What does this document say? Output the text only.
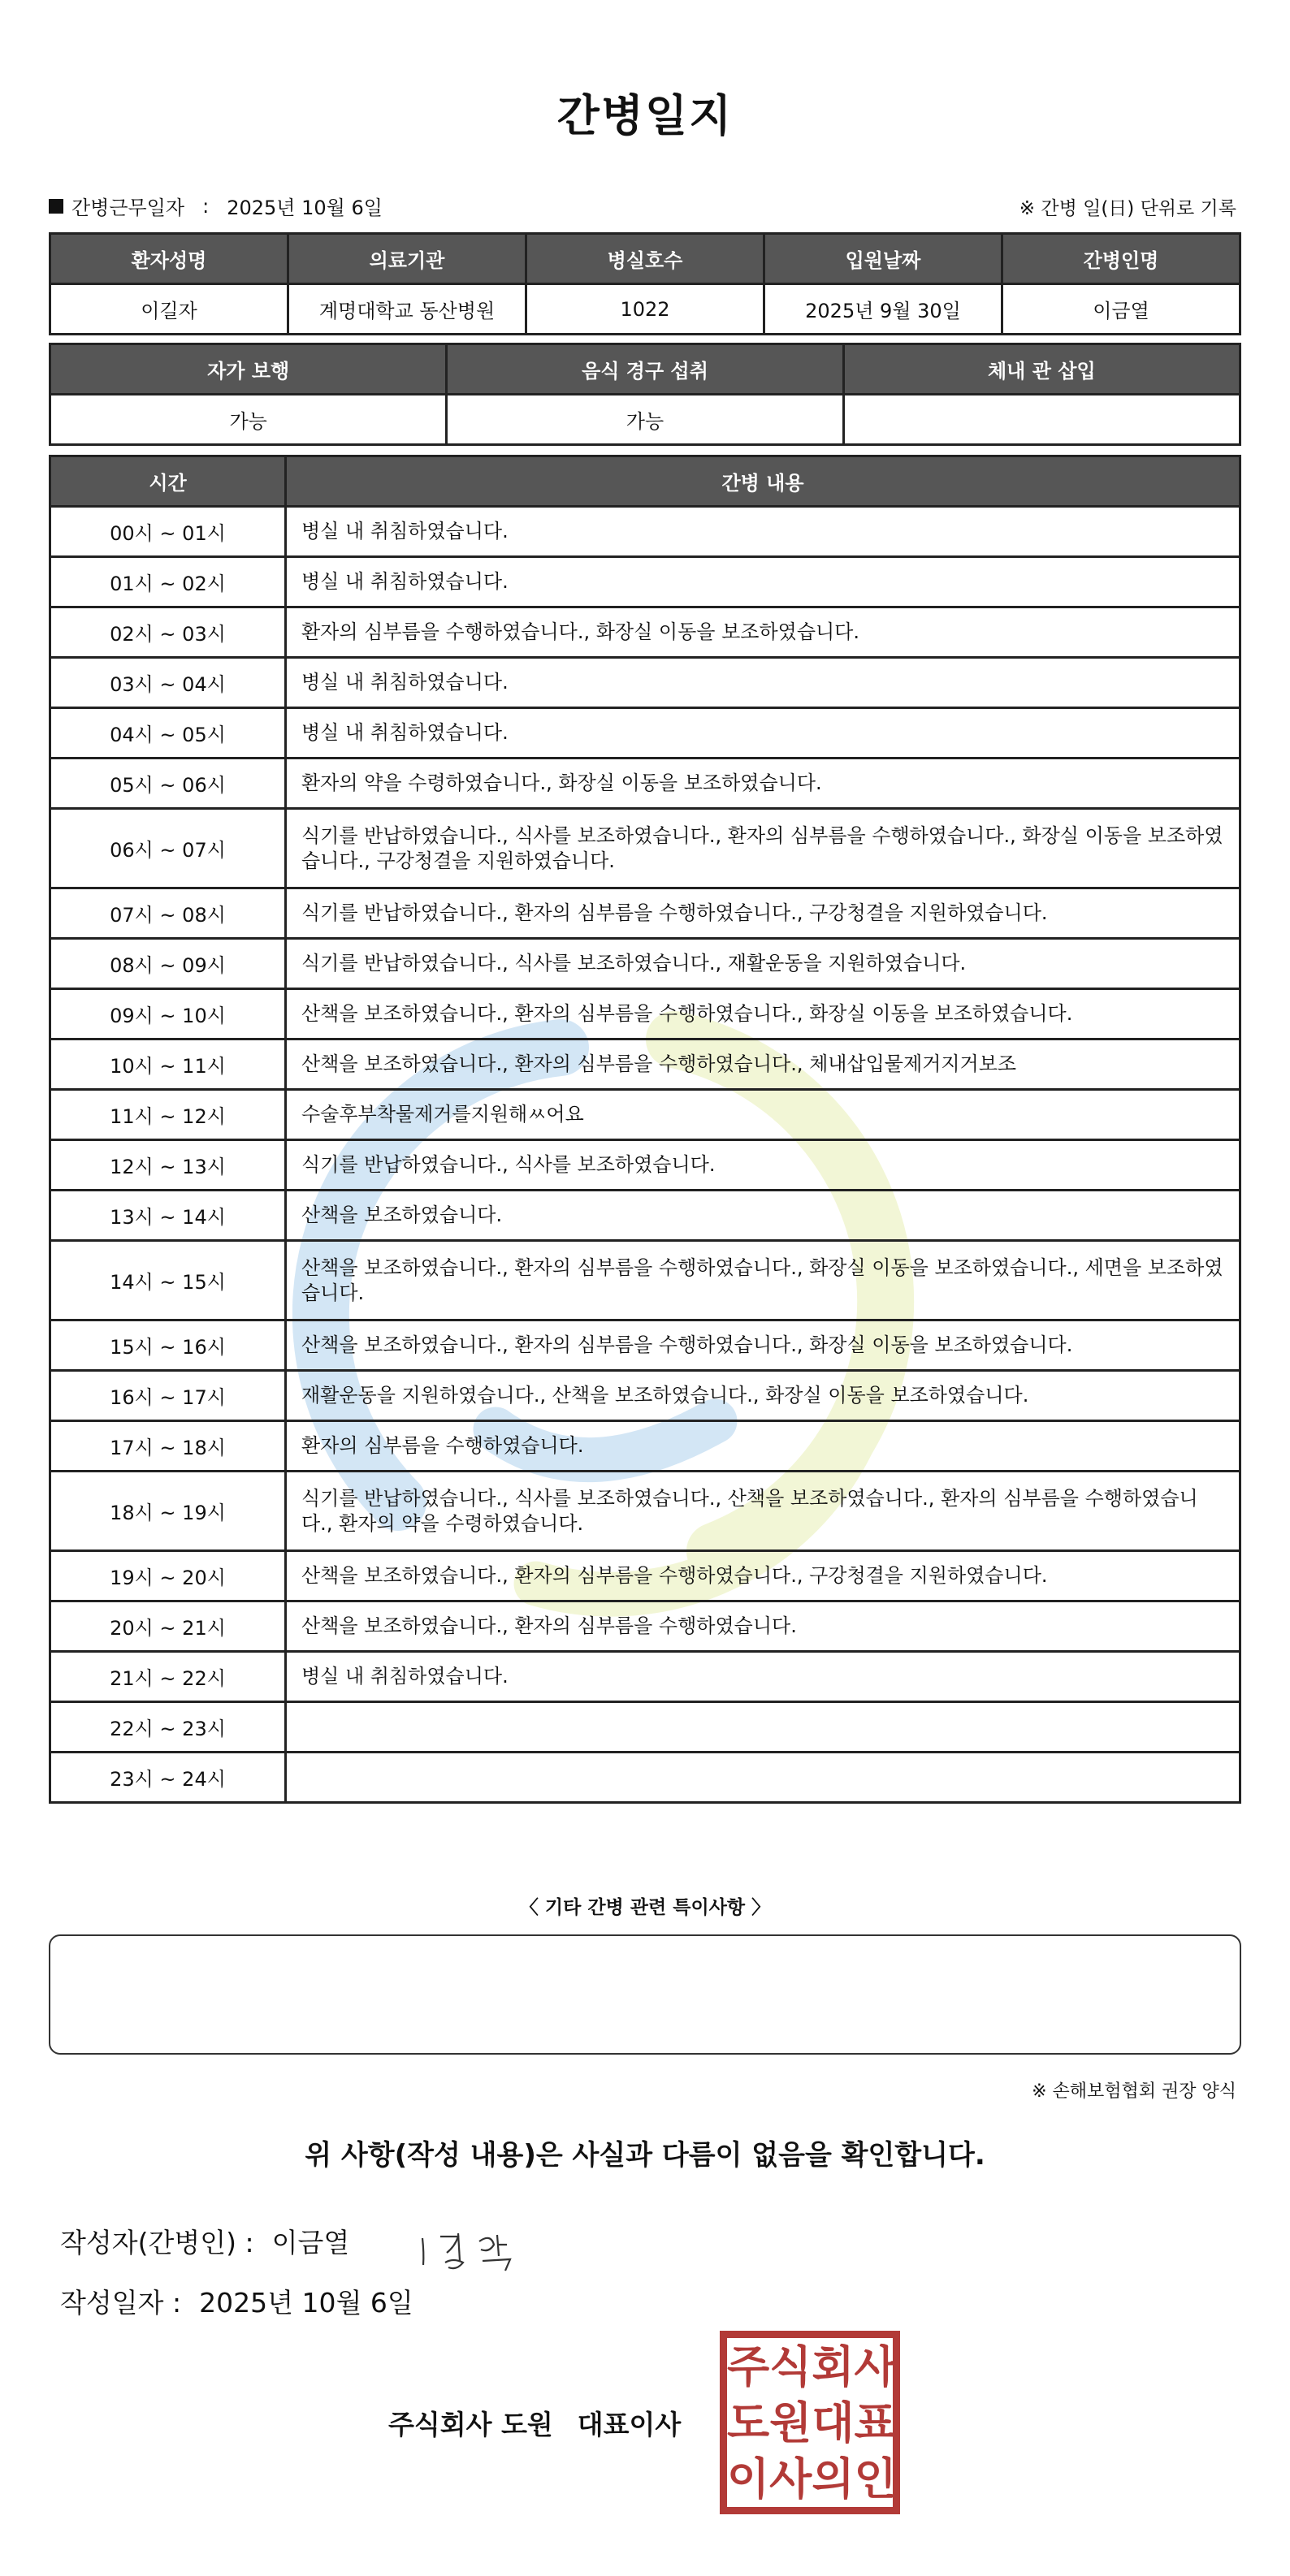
간병일지
간병근무일자 : 2025년 10월 6일	※ 간병 일(日) 단위로 기록
환자성명	의료기관	병실호수	입원날짜	간병인명
이길자	계명대학교 동산병원	1022	2025년 9월 30일	이금열
자가 보행	음식 경구 섭취	체내 관 삽입
가능	가능	
시간	간병 내용
00시 ~ 01시	병실 내 취침하였습니다.
01시 ~ 02시	병실 내 취침하였습니다.
02시 ~ 03시	환자의 심부름을 수행하였습니다., 화장실 이동을 보조하였습니다.
03시 ~ 04시	병실 내 취침하였습니다.
04시 ~ 05시	병실 내 취침하였습니다.
05시 ~ 06시	환자의 약을 수령하였습니다., 화장실 이동을 보조하였습니다.
06시 ~ 07시	식기를 반납하였습니다., 식사를 보조하였습니다., 환자의 심부름을 수행하였습니다., 화장실 이동을 보조하였습니다., 구강청결을 지원하였습니다.
07시 ~ 08시	식기를 반납하였습니다., 환자의 심부름을 수행하였습니다., 구강청결을 지원하였습니다.
08시 ~ 09시	식기를 반납하였습니다., 식사를 보조하였습니다., 재활운동을 지원하였습니다.
09시 ~ 10시	산책을 보조하였습니다., 환자의 심부름을 수행하였습니다., 화장실 이동을 보조하였습니다.
10시 ~ 11시	산책을 보조하였습니다., 환자의 심부름을 수행하였습니다., 체내삽입물제거지거보조
11시 ~ 12시	수술후부착물제거를지원해ㅆ어요
12시 ~ 13시	식기를 반납하였습니다., 식사를 보조하였습니다.
13시 ~ 14시	산책을 보조하였습니다.
14시 ~ 15시	산책을 보조하였습니다., 환자의 심부름을 수행하였습니다., 화장실 이동을 보조하였습니다., 세면을 보조하였습니다.
15시 ~ 16시	산책을 보조하였습니다., 환자의 심부름을 수행하였습니다., 화장실 이동을 보조하였습니다.
16시 ~ 17시	재활운동을 지원하였습니다., 산책을 보조하였습니다., 화장실 이동을 보조하였습니다.
17시 ~ 18시	환자의 심부름을 수행하였습니다.
18시 ~ 19시	식기를 반납하였습니다., 식사를 보조하였습니다., 산책을 보조하였습니다., 환자의 심부름을 수행하였습니다., 환자의 약을 수령하였습니다.
19시 ~ 20시	산책을 보조하였습니다., 환자의 심부름을 수행하였습니다., 구강청결을 지원하였습니다.
20시 ~ 21시	산책을 보조하였습니다., 환자의 심부름을 수행하였습니다.
21시 ~ 22시	병실 내 취침하였습니다.
22시 ~ 23시	
23시 ~ 24시	
〈 기타 간병 관련 특이사항 〉
※ 손해보험협회 권장 양식
위 사항(작성 내용)은 사실과 다름이 없음을 확인합니다.
작성자(간병인) : 이금열
작성일자 : 2025년 10월 6일
주식회사 도원 대표이사
주 식 회 사
도 원 대 표
이 사 의 인
